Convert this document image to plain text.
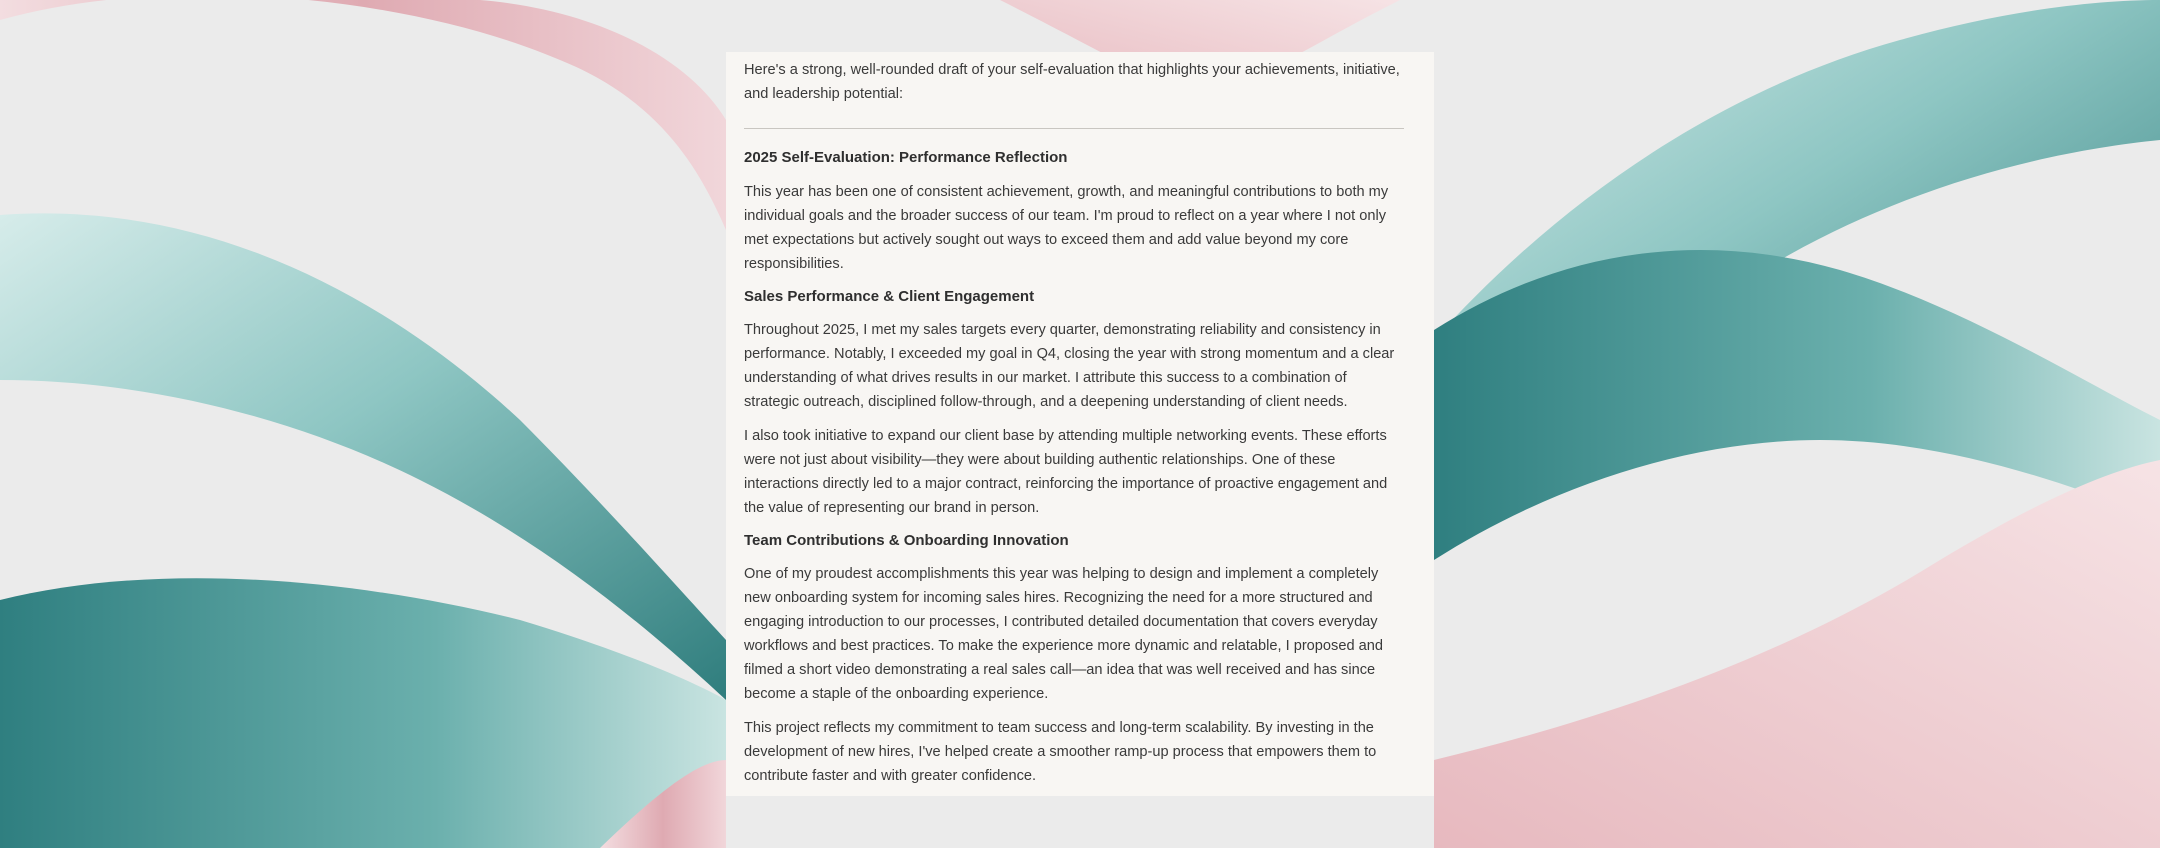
Here's a strong, well-rounded draft of your self-evaluation that highlights your achievements, initiative, and leadership potential:

2025 Self-Evaluation: Performance Reflection

This year has been one of consistent achievement, growth, and meaningful contributions to both my individual goals and the broader success of our team. I'm proud to reflect on a year where I not only met expectations but actively sought out ways to exceed them and add value beyond my core responsibilities.

Sales Performance & Client Engagement

Throughout 2025, I met my sales targets every quarter, demonstrating reliability and consistency in performance. Notably, I exceeded my goal in Q4, closing the year with strong momentum and a clear understanding of what drives results in our market. I attribute this success to a combination of strategic outreach, disciplined follow-through, and a deepening understanding of client needs.

I also took initiative to expand our client base by attending multiple networking events. These efforts were not just about visibility—they were about building authentic relationships. One of these interactions directly led to a major contract, reinforcing the importance of proactive engagement and the value of representing our brand in person.

Team Contributions & Onboarding Innovation

One of my proudest accomplishments this year was helping to design and implement a completely new onboarding system for incoming sales hires. Recognizing the need for a more structured and engaging introduction to our processes, I contributed detailed documentation that covers everyday workflows and best practices. To make the experience more dynamic and relatable, I proposed and filmed a short video demonstrating a real sales call—an idea that was well received and has since become a staple of the onboarding experience.

This project reflects my commitment to team success and long-term scalability. By investing in the development of new hires, I've helped create a smoother ramp-up process that empowers them to contribute faster and with greater confidence.
